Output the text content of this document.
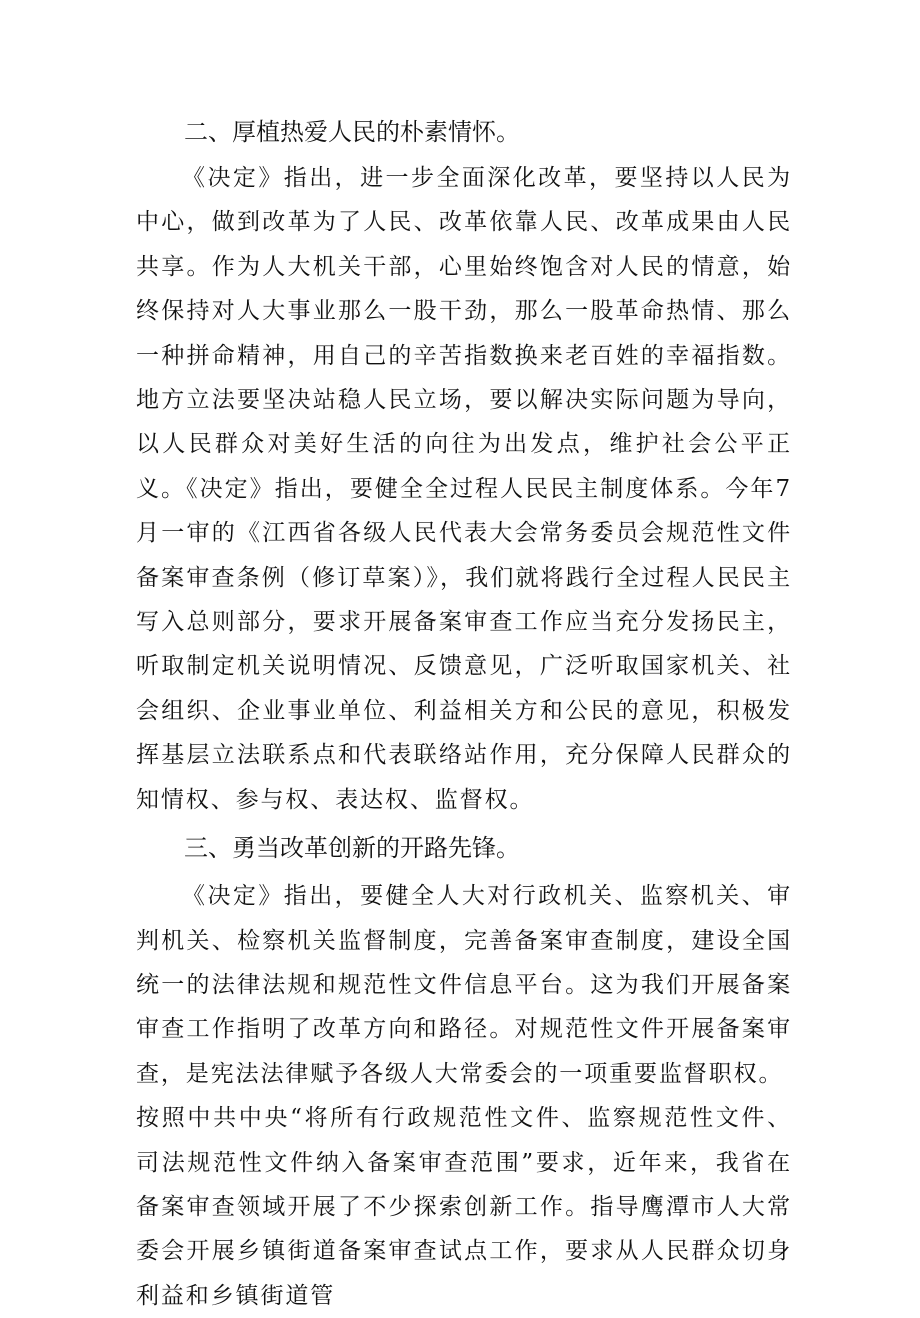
二、厚植热爱人民的朴素情怀。

《决定》指出，进一步全面深化改革，要坚持以人民为中心，做到改革为了人民、改革依靠人民、改革成果由人民共享。作为人大机关干部，心里始终饱含对人民的情意，始终保持对人大事业那么一股干劲，那么一股革命热情、那么一种拼命精神，用自己的辛苦指数换来老百姓的幸福指数。地方立法要坚决站稳人民立场，要以解决实际问题为导向，以人民群众对美好生活的向往为出发点，维护社会公平正义。《决定》指出，要健全全过程人民民主制度体系。今年7月一审的《江西省各级人民代表大会常务委员会规范性文件备案审查条例（修订草案）》，我们就将践行全过程人民民主写入总则部分，要求开展备案审查工作应当充分发扬民主，听取制定机关说明情况、反馈意见，广泛听取国家机关、社会组织、企业事业单位、利益相关方和公民的意见，积极发挥基层立法联系点和代表联络站作用，充分保障人民群众的知情权、参与权、表达权、监督权。

三、勇当改革创新的开路先锋。

《决定》指出，要健全人大对行政机关、监察机关、审判机关、检察机关监督制度，完善备案审查制度，建设全国统一的法律法规和规范性文件信息平台。这为我们开展备案审查工作指明了改革方向和路径。对规范性文件开展备案审查，是宪法法律赋予各级人大常委会的一项重要监督职权。

按照中共中央“将所有行政规范性文件、监察规范性文件、司法规范性文件纳入备案审查范围”要求，近年来，我省在备案审查领域开展了不少探索创新工作。指导鹰潭市人大常委会开展乡镇街道备案审查试点工作，要求从人民群众切身利益和乡镇街道管
